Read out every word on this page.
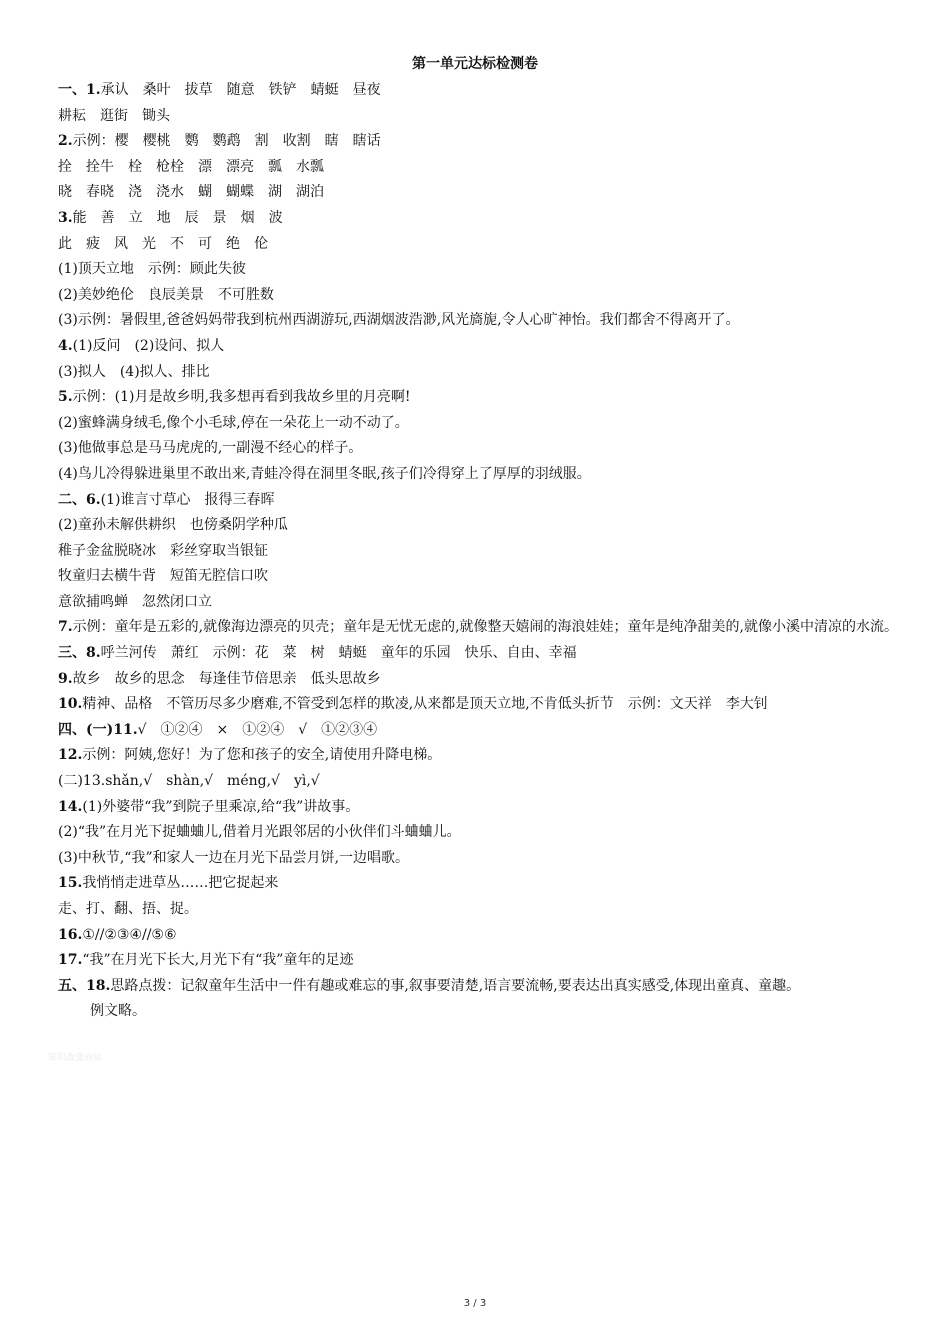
第一单元达标检测卷
一、1.承认　桑叶　拔草　随意　铁铲　蜻蜓　昼夜
耕耘　逛街　锄头
2.示例：樱　樱桃　鹦　鹦鹉　割　收割　瞎　瞎话
拴　拴牛　栓　枪栓　漂　漂亮　瓢　水瓢
晓　春晓　浇　浇水　蝴　蝴蝶　湖　湖泊
3.能　善　立　地　辰　景　烟　波
此　疲　风　光　不　可　绝　伦
(1)顶天立地　示例：顾此失彼
(2)美妙绝伦　良辰美景　不可胜数
(3)示例：暑假里,爸爸妈妈带我到杭州西湖游玩,西湖烟波浩渺,风光旖旎,令人心旷神怡。我们都舍不得离开了。
4.(1)反问　(2)设问、拟人
(3)拟人　(4)拟人、排比
5.示例：(1)月是故乡明,我多想再看到我故乡里的月亮啊!
(2)蜜蜂满身绒毛,像个小毛球,停在一朵花上一动不动了。
(3)他做事总是马马虎虎的,一副漫不经心的样子。
(4)鸟儿冷得躲进巢里不敢出来,青蛙冷得在洞里冬眠,孩子们冷得穿上了厚厚的羽绒服。
二、6.(1)谁言寸草心　报得三春晖
(2)童孙未解供耕织　也傍桑阴学种瓜
稚子金盆脱晓冰　彩丝穿取当银钲
牧童归去横牛背　短笛无腔信口吹
意欲捕鸣蝉　忽然闭口立
7.示例：童年是五彩的,就像海边漂亮的贝壳；童年是无忧无虑的,就像整天嬉闹的海浪娃娃；童年是纯净甜美的,就像小溪中清凉的水流。
三、8.呼兰河传　萧红　示例：花　菜　树　蜻蜓　童年的乐园　快乐、自由、幸福
9.故乡　故乡的思念　每逢佳节倍思亲　低头思故乡
10.精神、品格　不管历尽多少磨难,不管受到怎样的欺凌,从来都是顶天立地,不肯低头折节　示例：文天祥　李大钊
四、(一)11.√　①②④　×　①②④　√　①②③④
12.示例：阿姨,您好！为了您和孩子的安全,请使用升降电梯。
(二)13.shǎn,√　shàn,√　méng,√　yì,√
14.(1)外婆带“我”到院子里乘凉,给“我”讲故事。
(2)“我”在月光下捉蛐蛐儿,借着月光跟邻居的小伙伴们斗蛐蛐儿。
(3)中秋节,“我”和家人一边在月光下品尝月饼,一边唱歌。
15.我悄悄走进草丛……把它捉起来
走、打、翻、捂、捉。
16.①//②③④//⑤⑥
17.“我”在月光下长大,月光下有“我”童年的足迹
五、18.思路点拨：记叙童年生活中一件有趣或难忘的事,叙事要清楚,语言要流畅,要表达出真实感受,体现出童真、童趣。
例文略。
知识改变命运
3 / 3
